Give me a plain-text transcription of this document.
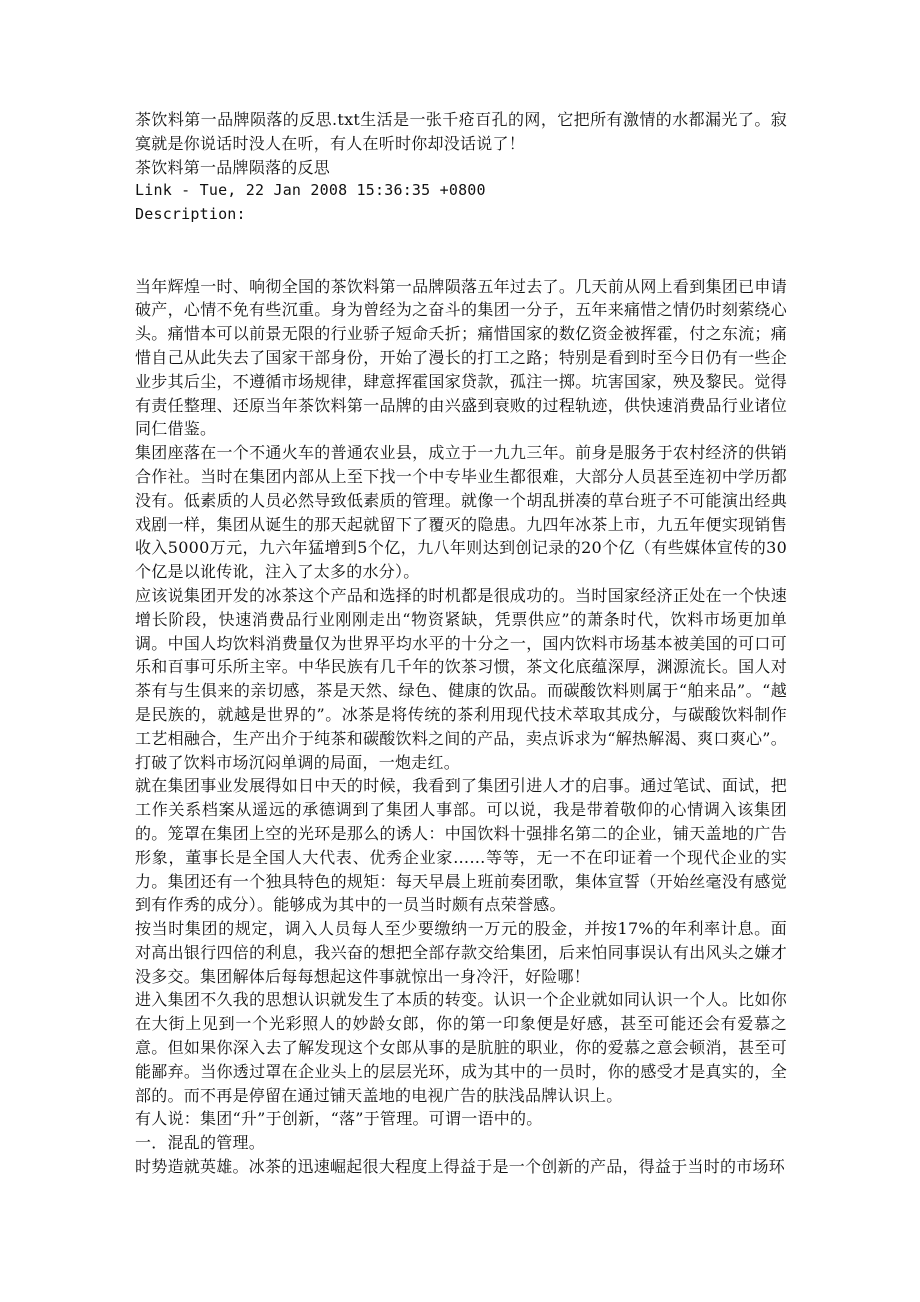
茶饮料第一品牌陨落的反思.txt生活是一张千疮百孔的网，它把所有激情的水都漏光了。寂寞就是你说话时没人在听，有人在听时你却没话说了！
茶饮料第一品牌陨落的反思
Link - Tue, 22 Jan 2008 15:36:35 +0800
Description:

当年辉煌一时、响彻全国的茶饮料第一品牌陨落五年过去了。几天前从网上看到集团已申请破产，心情不免有些沉重。身为曾经为之奋斗的集团一分子，五年来痛惜之情仍时刻萦绕心头。痛惜本可以前景无限的行业骄子短命夭折；痛惜国家的数亿资金被挥霍，付之东流；痛惜自己从此失去了国家干部身份，开始了漫长的打工之路；特别是看到时至今日仍有一些企业步其后尘，不遵循市场规律，肆意挥霍国家贷款，孤注一掷。坑害国家，殃及黎民。觉得有责任整理、还原当年茶饮料第一品牌的由兴盛到衰败的过程轨迹，供快速消费品行业诸位同仁借鉴。

集团座落在一个不通火车的普通农业县，成立于一九九三年。前身是服务于农村经济的供销合作社。当时在集团内部从上至下找一个中专毕业生都很难，大部分人员甚至连初中学历都没有。低素质的人员必然导致低素质的管理。就像一个胡乱拼凑的草台班子不可能演出经典戏剧一样，集团从诞生的那天起就留下了覆灭的隐患。九四年冰茶上市，九五年便实现销售收入5000万元，九六年猛增到5个亿，九八年则达到创记录的20个亿（有些媒体宣传的30个亿是以讹传讹，注入了太多的水分）。

应该说集团开发的冰茶这个产品和选择的时机都是很成功的。当时国家经济正处在一个快速增长阶段，快速消费品行业刚刚走出“物资紧缺，凭票供应”的萧条时代，饮料市场更加单调。中国人均饮料消费量仅为世界平均水平的十分之一，国内饮料市场基本被美国的可口可乐和百事可乐所主宰。中华民族有几千年的饮茶习惯，茶文化底蕴深厚，渊源流长。国人对茶有与生俱来的亲切感，茶是天然、绿色、健康的饮品。而碳酸饮料则属于“舶来品”。“越是民族的，就越是世界的”。冰茶是将传统的茶利用现代技术萃取其成分，与碳酸饮料制作工艺相融合，生产出介于纯茶和碳酸饮料之间的产品，卖点诉求为“解热解渴、爽口爽心”。打破了饮料市场沉闷单调的局面，一炮走红。

就在集团事业发展得如日中天的时候，我看到了集团引进人才的启事。通过笔试、面试，把工作关系档案从遥远的承德调到了集团人事部。可以说，我是带着敬仰的心情调入该集团的。笼罩在集团上空的光环是那么的诱人：中国饮料十强排名第二的企业，铺天盖地的广告形象，董事长是全国人大代表、优秀企业家……等等，无一不在印证着一个现代企业的实力。集团还有一个独具特色的规矩：每天早晨上班前奏团歌，集体宣誓（开始丝毫没有感觉到有作秀的成分）。能够成为其中的一员当时颇有点荣誉感。

按当时集团的规定，调入人员每人至少要缴纳一万元的股金，并按17%的年利率计息。面对高出银行四倍的利息，我兴奋的想把全部存款交给集团，后来怕同事误认有出风头之嫌才没多交。集团解体后每每想起这件事就惊出一身冷汗，好险哪！

进入集团不久我的思想认识就发生了本质的转变。认识一个企业就如同认识一个人。比如你在大街上见到一个光彩照人的妙龄女郎，你的第一印象便是好感，甚至可能还会有爱慕之意。但如果你深入去了解发现这个女郎从事的是肮脏的职业，你的爱慕之意会顿消，甚至可能鄙弃。当你透过罩在企业头上的层层光环，成为其中的一员时，你的感受才是真实的，全部的。而不再是停留在通过铺天盖地的电视广告的肤浅品牌认识上。

有人说：集团“升”于创新，“落”于管理。可谓一语中的。

一．混乱的管理。

时势造就英雄。冰茶的迅速崛起很大程度上得益于是一个创新的产品，得益于当时的市场环
